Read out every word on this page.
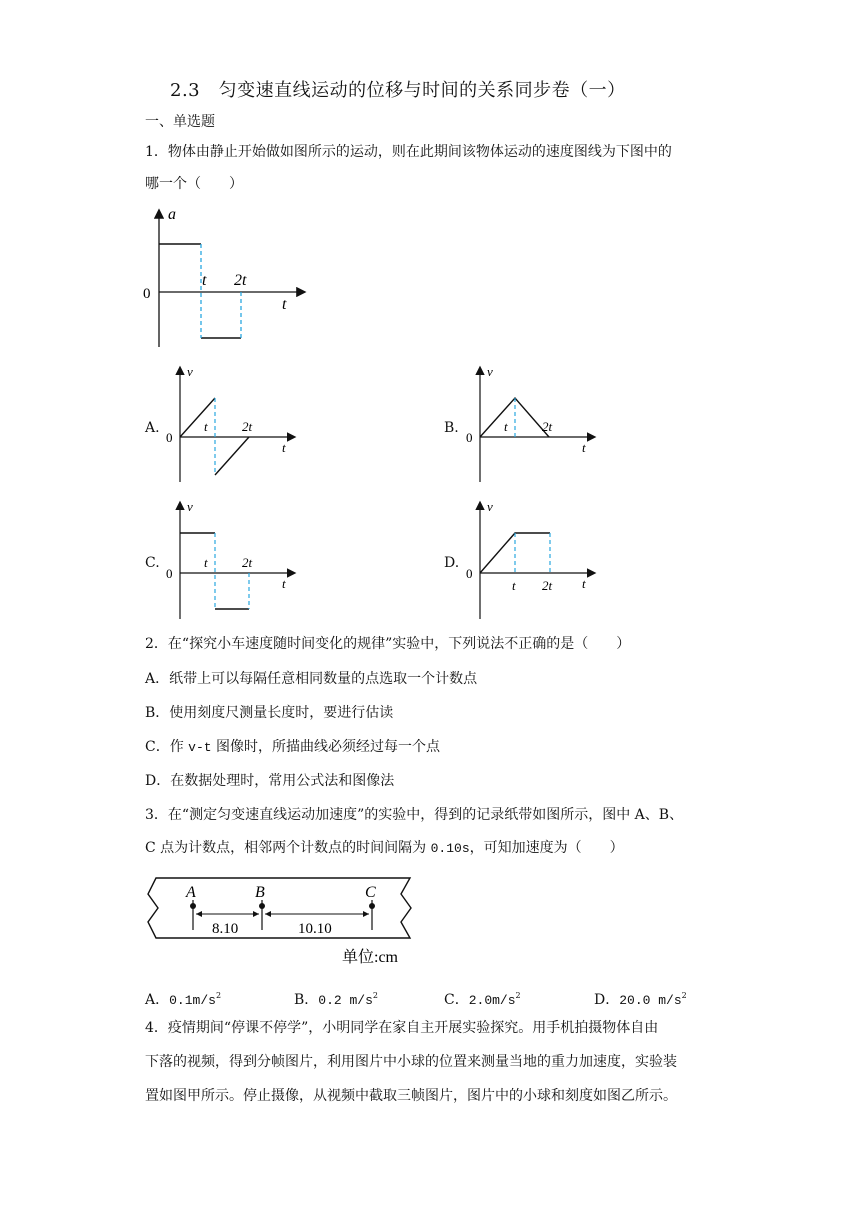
2.3　匀变速直线运动的位移与时间的关系同步卷（一）
一、单选题
1．物体由静止开始做如图所示的运动，则在此期间该物体运动的速度图线为下图中的
哪一个（　　）
a
0
t 2t
t
A.
v
0
t	2t
t
B.
v
0
t	2t
t
C.
v
0
t	2t
t
D.
v
0
t 2t t
2．在“探究小车速度随时间变化的规律”实验中，下列说法不正确的是（　　）
A．纸带上可以每隔任意相同数量的点选取一个计数点
B．使用刻度尺测量长度时，要进行估读
C．作 v-t 图像时，所描曲线必须经过每一个点
D．在数据处理时，常用公式法和图像法
3．在“测定匀变速直线运动加速度”的实验中，得到的记录纸带如图所示，图中 A、B、
C 点为计数点，相邻两个计数点的时间间隔为 0.10s，可知加速度为（　　）
A	B	C
8.10	10.10
单位:cm
A．$0.1m/s^2$	B．0.2 $m/s^2$	C．$2.0m/s^2$	D．20.0 $m/s^2$
4．疫情期间“停课不停学”，小明同学在家自主开展实验探究。用手机拍摄物体自由
下落的视频，得到分帧图片，利用图片中小球的位置来测量当地的重力加速度，实验装
置如图甲所示。停止摄像，从视频中截取三帧图片，图片中的小球和刻度如图乙所示。
